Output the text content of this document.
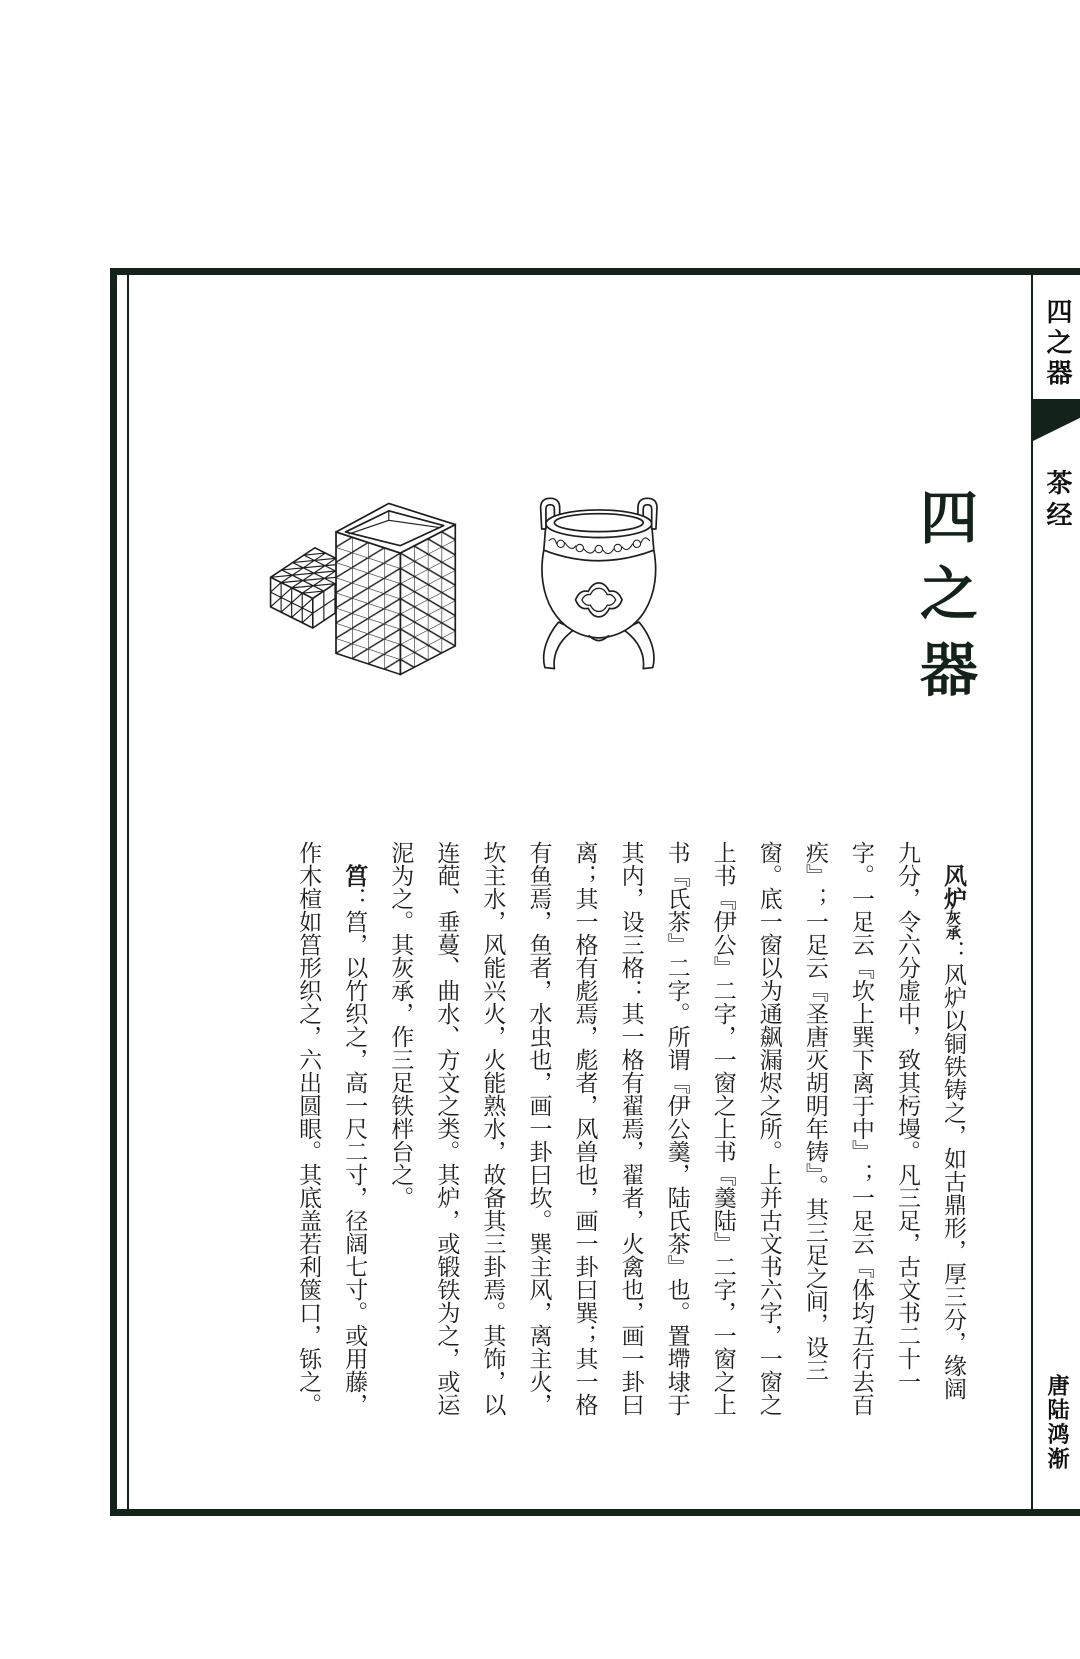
四之器
茶经
唐陆鸿渐
四之器
风炉灰承：风炉以铜铁铸之，如古鼎形，厚三分，缘阔
九分，令六分虚中，致其杇墁。凡三足，古文书二十一
字。一足云『坎上巽下离于中』；一足云『体均五行去百
疾』；一足云『圣唐灭胡明年铸』。其三足之间，设三
窗。底一窗以为通飙漏烬之所。上并古文书六字，一窗之
上书『伊公』二字，一窗之上书『羹陆』二字，一窗之上
书『氏茶』二字。所谓『伊公羹，陆氏茶』也。置墆埭于
其内，设三格：其一格有翟焉，翟者，火禽也，画一卦曰
离；其一格有彪焉，彪者，风兽也，画一卦曰巽；其一格
有鱼焉，鱼者，水虫也，画一卦曰坎。巽主风，离主火，
坎主水，风能兴火，火能熟水，故备其三卦焉。其饰，以
连葩、垂蔓、曲水、方文之类。其炉，或锻铁为之，或运
泥为之。其灰承，作三足铁柈台之。
筥：筥，以竹织之，高一尺二寸，径阔七寸。或用藤，
作木楦如筥形织之，六出圆眼。其底盖若利箧口，铄之。
